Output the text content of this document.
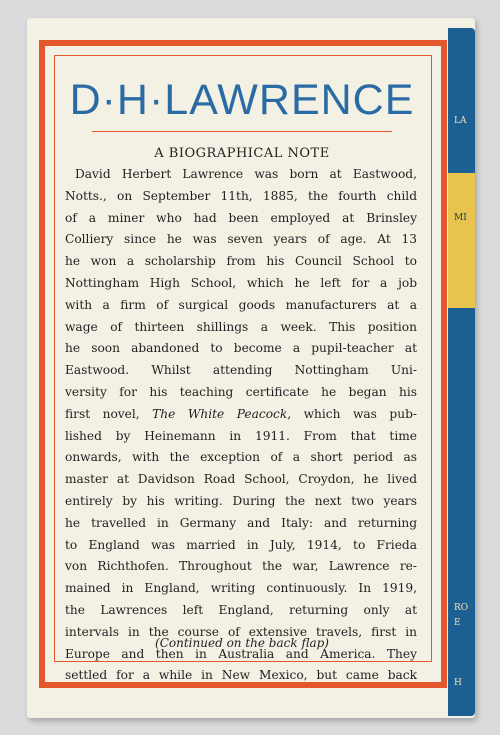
LA
MI
RO
E
H
D·H·LAWRENCE
A BIOGRAPHICAL NOTE
David Herbert Lawrence was born at Eastwood,
Notts., on September 11th, 1885, the fourth child
of a miner who had been employed at Brinsley
Colliery since he was seven years of age. At 13
he won a scholarship from his Council School to
Nottingham High School, which he left for a job
with a firm of surgical goods manufacturers at a
wage of thirteen shillings a week. This position
he soon abandoned to become a pupil-teacher at
Eastwood. Whilst attending Nottingham Uni-
versity for his teaching certificate he began his
first novel, The White Peacock, which was pub-
lished by Heinemann in 1911. From that time
onwards, with the exception of a short period as
master at Davidson Road School, Croydon, he lived
entirely by his writing. During the next two years
he travelled in Germany and Italy: and returning
to England was married in July, 1914, to Frieda
von Richthofen. Throughout the war, Lawrence re-
mained in England, writing continuously. In 1919,
the Lawrences left England, returning only at
intervals in the course of extensive travels, first in
Europe and then in Australia and America. They
settled for a while in New Mexico, but came back
(Continued on the back flap)
